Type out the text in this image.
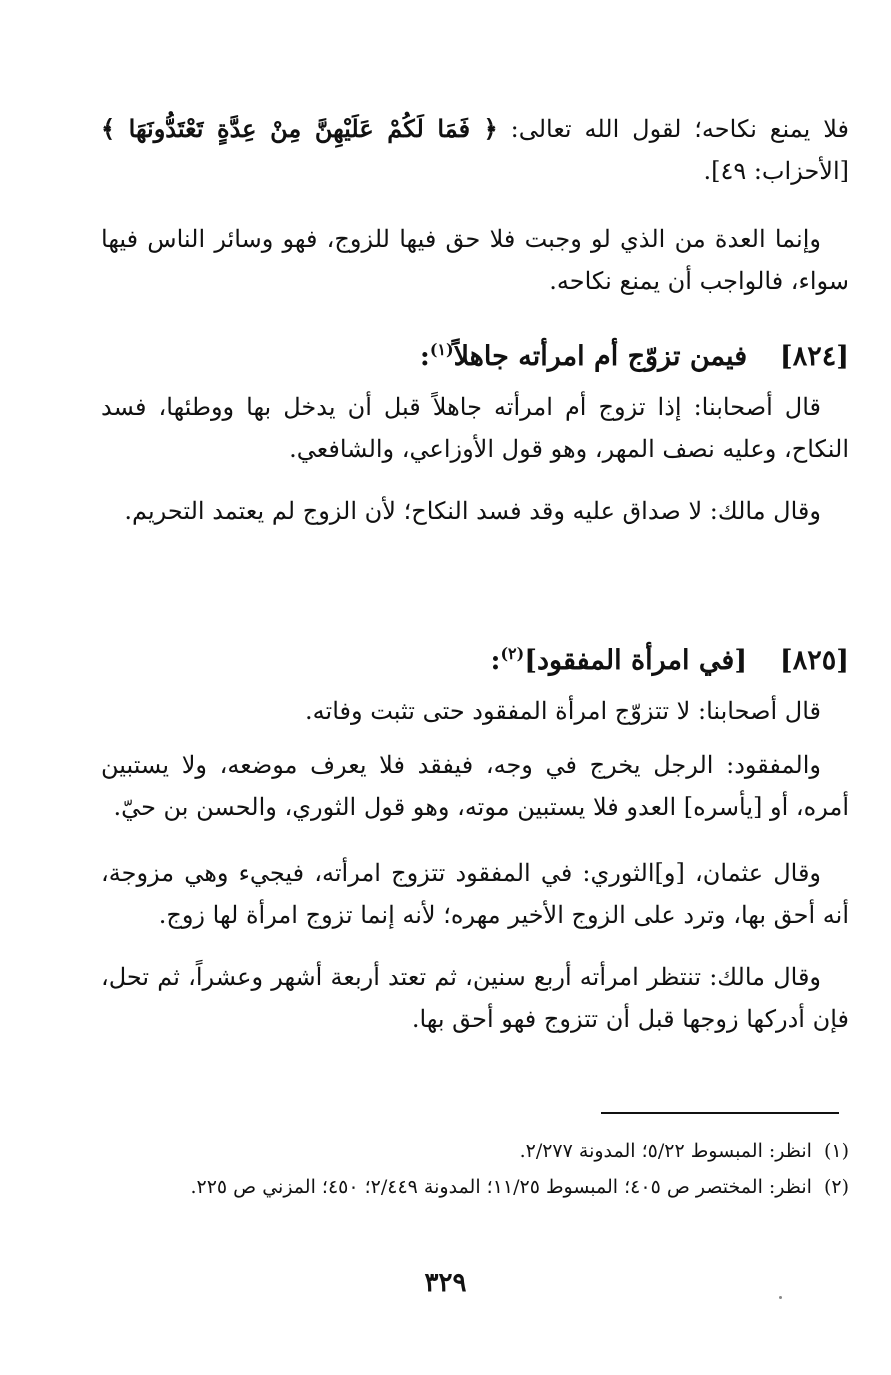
فلا يمنع نكاحه؛ لقول الله تعالى: ﴿ فَمَا لَكُمْ عَلَيْهِنَّ مِنْ عِدَّةٍ تَعْتَدُّونَهَا ﴾ [الأحزاب: ٤٩].

وإنما العدة من الذي لو وجبت فلا حق فيها للزوج، فهو وسائر الناس فيها سواء، فالواجب أن يمنع نكاحه.

[٨٢٤]  فيمن تزوّج أم امرأته جاهلاً$^{(١)}$:

قال أصحابنا: إذا تزوج أم امرأته جاهلاً قبل أن يدخل بها ووطئها، فسد النكاح، وعليه نصف المهر، وهو قول الأوزاعي، والشافعي.

وقال مالك: لا صداق عليه وقد فسد النكاح؛ لأن الزوج لم يعتمد التحريم.

[٨٢٥]  [في امرأة المفقود]$^{(٢)}$:

قال أصحابنا: لا تتزوّج امرأة المفقود حتى تثبت وفاته.

والمفقود: الرجل يخرج في وجه، فيفقد فلا يعرف موضعه، ولا يستبين أمره، أو [يأسره] العدو فلا يستبين موته، وهو قول الثوري، والحسن بن حيّ.

وقال عثمان، [و]الثوري: في المفقود تتزوج امرأته، فيجيء وهي مزوجة، أنه أحق بها، وترد على الزوج الأخير مهره؛ لأنه إنما تزوج امرأة لها زوج.

وقال مالك: تنتظر امرأته أربع سنين، ثم تعتد أربعة أشهر وعشراً، ثم تحل، فإن أدركها زوجها قبل أن تتزوج فهو أحق بها.

(١)انظر: المبسوط ٥/٢٢؛ المدونة ٢/٢٧٧.

(٢)انظر: المختصر ص ٤٠٥؛ المبسوط ١١/٢٥؛ المدونة ٢/٤٤٩؛ ٤٥٠؛ المزني ص ٢٢٥.

٣٢٩
